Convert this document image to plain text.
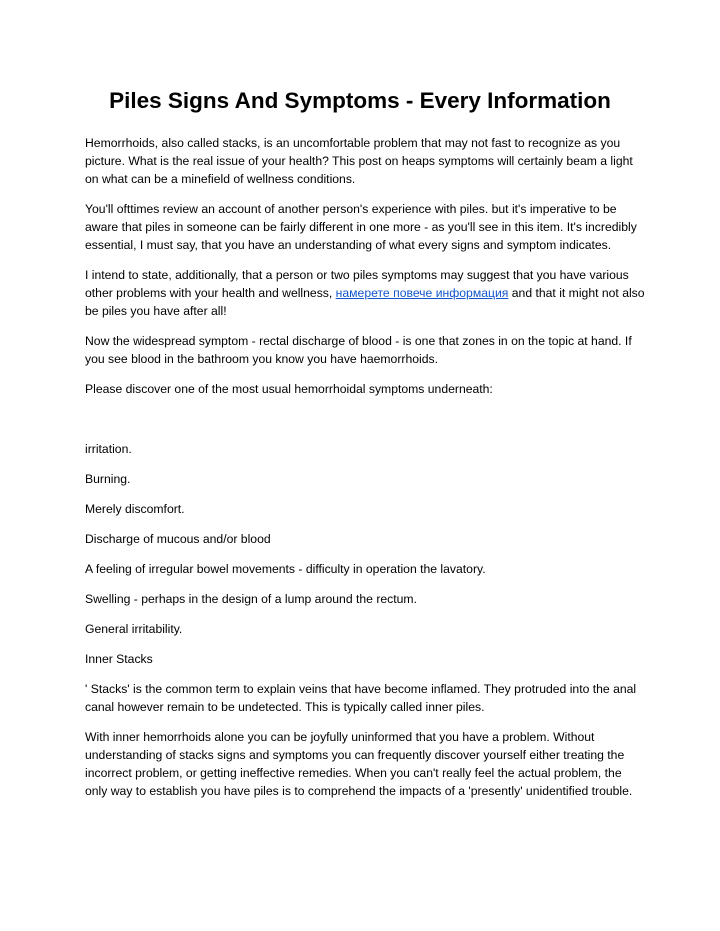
Piles Signs And Symptoms - Every Information

Hemorrhoids, also called stacks, is an uncomfortable problem that may not fast to recognize as you picture. What is the real issue of your health? This post on heaps symptoms will certainly beam a light on what can be a minefield of wellness conditions.

You'll ofttimes review an account of another person's experience with piles. but it's imperative to be aware that piles in someone can be fairly different in one more - as you'll see in this item. It's incredibly essential, I must say, that you have an understanding of what every signs and symptom indicates.

I intend to state, additionally, that a person or two piles symptoms may suggest that you have various other problems with your health and wellness, намерете повече информация and that it might not also be piles you have after all!

Now the widespread symptom - rectal discharge of blood - is one that zones in on the topic at hand. If you see blood in the bathroom you know you have haemorrhoids.

Please discover one of the most usual hemorrhoidal symptoms underneath:

irritation.

Burning.

Merely discomfort.

Discharge of mucous and/or blood

A feeling of irregular bowel movements - difficulty in operation the lavatory.

Swelling - perhaps in the design of a lump around the rectum.

General irritability.

Inner Stacks

' Stacks' is the common term to explain veins that have become inflamed. They protruded into the anal canal however remain to be undetected. This is typically called inner piles.

With inner hemorrhoids alone you can be joyfully uninformed that you have a problem. Without understanding of stacks signs and symptoms you can frequently discover yourself either treating the incorrect problem, or getting ineffective remedies. When you can't really feel the actual problem, the only way to establish you have piles is to comprehend the impacts of a 'presently' unidentified trouble.
